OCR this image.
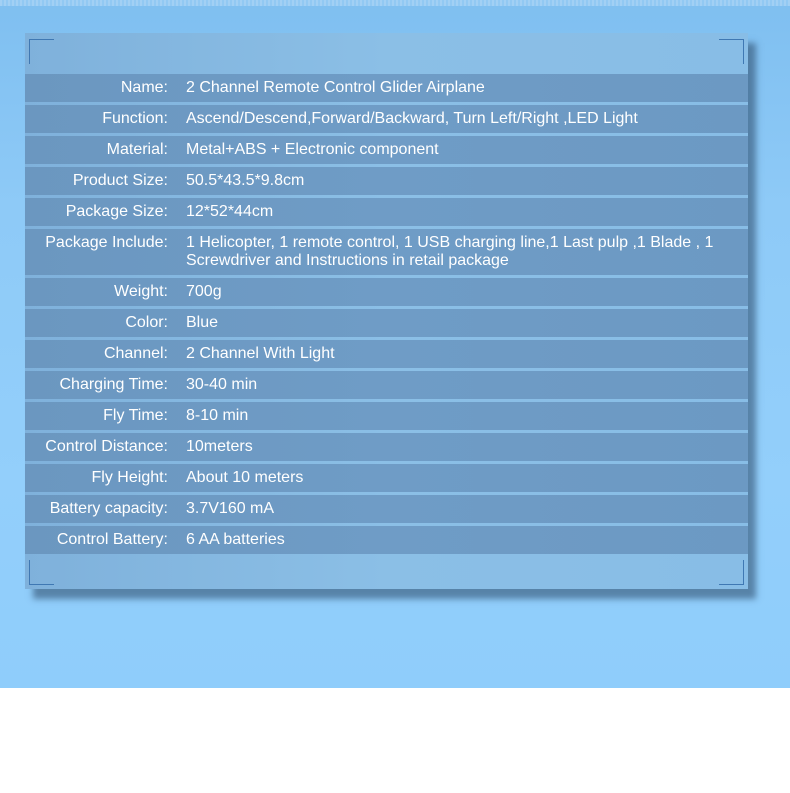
Name: 2 Channel Remote Control Glider Airplane
Function: Ascend/Descend,Forward/Backward, Turn Left/Right ,LED Light
Material: Metal+ABS + Electronic component
Product Size: 50.5*43.5*9.8cm
Package Size: 12*52*44cm
Package Include: 1 Helicopter, 1 remote control, 1 USB charging line,1 Last pulp ,1 Blade , 1 Screwdriver and Instructions in retail package
Weight: 700g
Color: Blue
Channel: 2 Channel With Light
Charging Time: 30-40 min
Fly Time: 8-10 min
Control Distance: 10meters
Fly Height: About 10 meters
Battery capacity: 3.7V160 mA
Control Battery: 6 AA batteries
